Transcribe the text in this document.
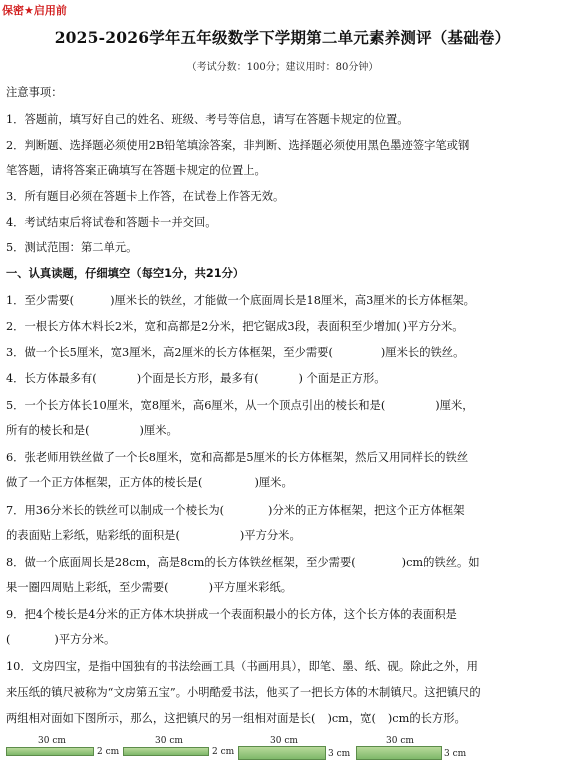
保密★启用前
2025-2026学年五年级数学下学期第二单元素养测评（基础卷）
（考试分数：100分；建议用时：80分钟）
注意事项：
1．答题前，填写好自己的姓名、班级、考号等信息，请写在答题卡规定的位置。
2．判断题、选择题必须使用2B铅笔填涂答案，非判断、选择题必须使用黑色墨迹签字笔或钢
笔答题，请将答案正确填写在答题卡规定的位置上。
3．所有题目必须在答题卡上作答，在试卷上作答无效。
4．考试结束后将试卷和答题卡一并交回。
5．测试范围：第二单元。
一、认真读题，仔细填空（每空1分，共21分）
1．至少需要(	)厘米长的铁丝，才能做一个底面周长是18厘米，高3厘米的长方体框架。
2．一根长方体木料长2米，宽和高都是2分米，把它锯成3段，表面积至少增加( )平方分米。
3．做一个长5厘米，宽3厘米，高2厘米的长方体框架，至少需要(	)厘米长的铁丝。
4．长方体最多有(	)个面是长方形，最多有(	) 个面是正方形。
5．一个长方体长10厘米，宽8厘米，高6厘米，从一个顶点引出的棱长和是(	)厘米，
所有的棱长和是(	)厘米。
6．张老师用铁丝做了一个长8厘米，宽和高都是5厘米的长方体框架，然后又用同样长的铁丝
做了一个正方体框架，正方体的棱长是(	)厘米。
7．用36分米长的铁丝可以制成一个棱长为(	)分米的正方体框架，把这个正方体框架
的表面贴上彩纸，贴彩纸的面积是(	)平方分米。
8．做一个底面周长是28cm，高是8cm的长方体铁丝框架，至少需要(	)cm的铁丝。如
果一圈四周贴上彩纸，至少需要(	)平方厘米彩纸。
9．把4个棱长是4分米的正方体木块拼成一个表面积最小的长方体，这个长方体的表面积是
(	)平方分米。
10．文房四宝，是指中国独有的书法绘画工具（书画用具），即笔、墨、纸、砚。除此之外，用
来压纸的镇尺被称为“文房第五宝”。小明酷爱书法，他买了一把长方体的木制镇尺。这把镇尺的
两组相对面如下图所示，那么，这把镇尺的另一组相对面是长( )cm，宽( )cm的长方形。
30 cm
2 cm
30 cm
2 cm
30 cm
3 cm
30 cm
3 cm
